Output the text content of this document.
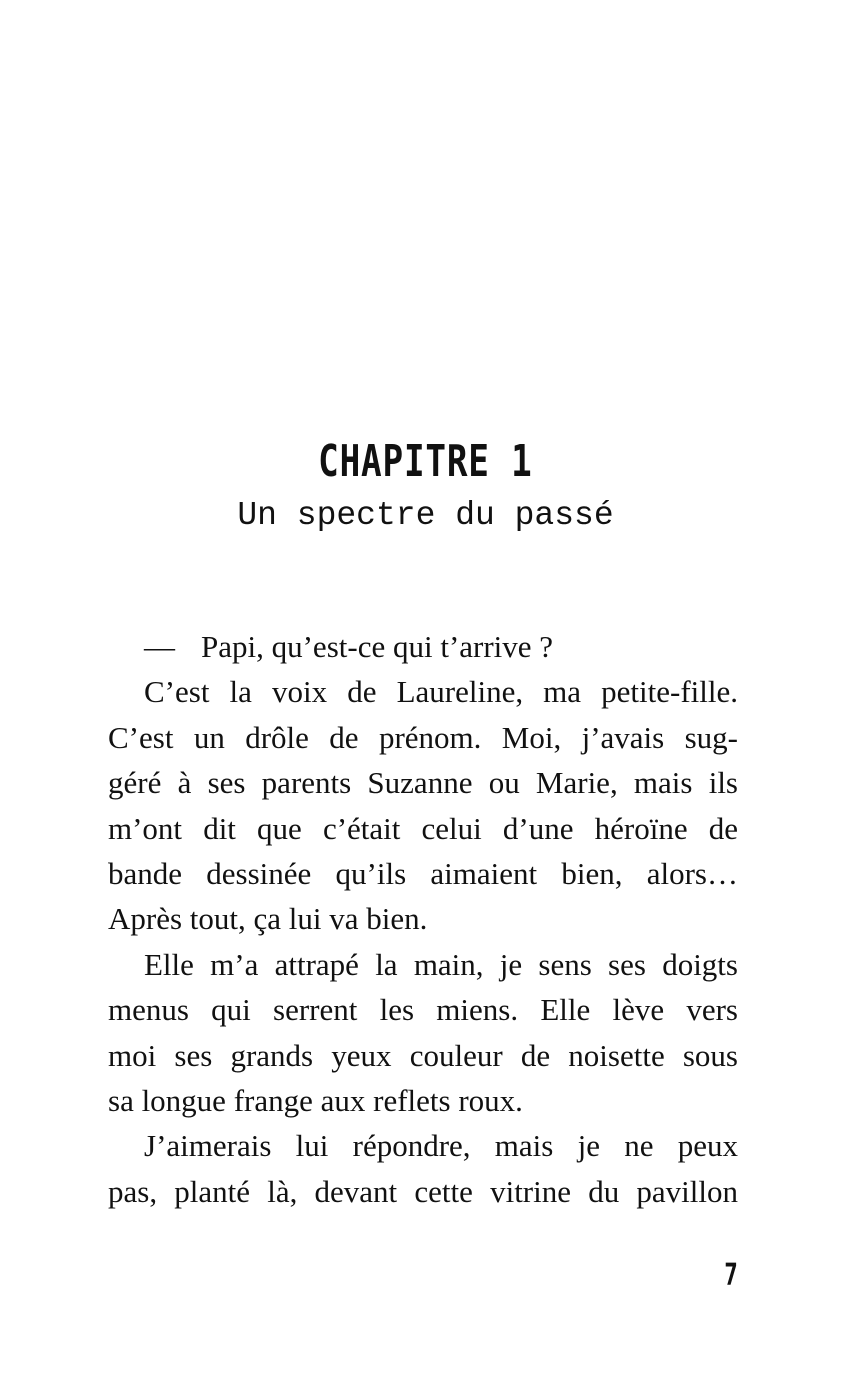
CHAPITRE 1
Un spectre du passé
— Papi, qu’est-ce qui t’arrive ?
C’est la voix de Laureline, ma petite-fille.
C’est un drôle de prénom. Moi, j’avais sug-
géré à ses parents Suzanne ou Marie, mais ils
m’ont dit que c’était celui d’une héroïne de
bande dessinée qu’ils aimaient bien, alors…
Après tout, ça lui va bien.
Elle m’a attrapé la main, je sens ses doigts
menus qui serrent les miens. Elle lève vers
moi ses grands yeux couleur de noisette sous
sa longue frange aux reflets roux.
J’aimerais lui répondre, mais je ne peux
pas, planté là, devant cette vitrine du pavillon
7
